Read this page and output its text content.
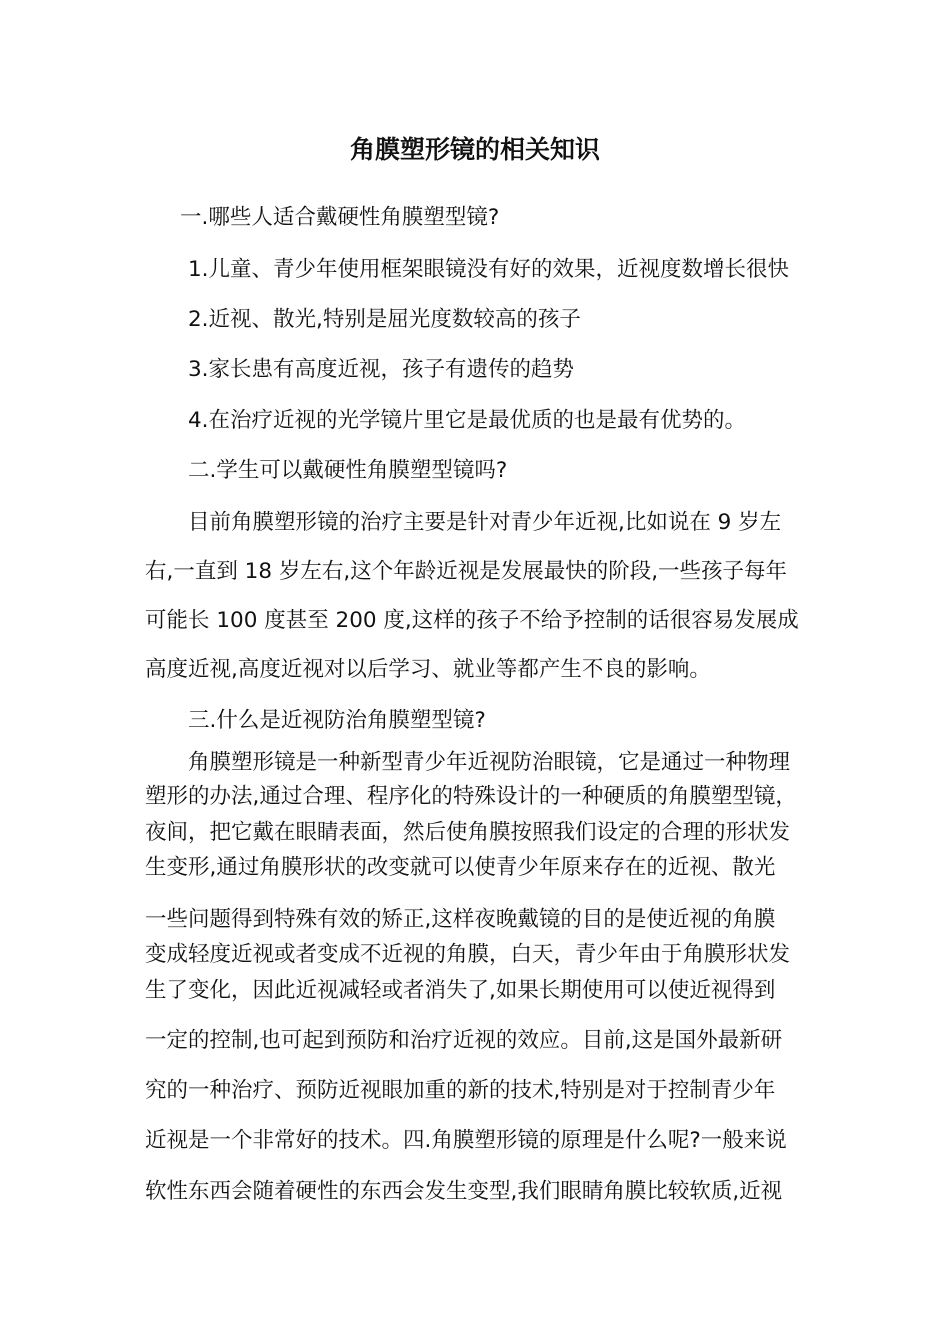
角膜塑形镜的相关知识
一.哪些人适合戴硬性角膜塑型镜?
1.儿童、青少年使用框架眼镜没有好的效果，近视度数增长很快
2.近视、散光,特别是屈光度数较高的孩子
3.家长患有高度近视，孩子有遗传的趋势
4.在治疗近视的光学镜片里它是最优质的也是最有优势的。
二.学生可以戴硬性角膜塑型镜吗?
目前角膜塑形镜的治疗主要是针对青少年近视,比如说在 9 岁左
右,一直到 18 岁左右,这个年龄近视是发展最快的阶段,一些孩子每年
可能长 100 度甚至 200 度,这样的孩子不给予控制的话很容易发展成
高度近视,高度近视对以后学习、就业等都产生不良的影响。
三.什么是近视防治角膜塑型镜?
角膜塑形镜是一种新型青少年近视防治眼镜，它是通过一种物理
塑形的办法,通过合理、程序化的特殊设计的一种硬质的角膜塑型镜，
夜间，把它戴在眼睛表面，然后使角膜按照我们设定的合理的形状发
生变形,通过角膜形状的改变就可以使青少年原来存在的近视、散光
一些问题得到特殊有效的矫正,这样夜晚戴镜的目的是使近视的角膜
变成轻度近视或者变成不近视的角膜，白天，青少年由于角膜形状发
生了变化，因此近视减轻或者消失了,如果长期使用可以使近视得到
一定的控制,也可起到预防和治疗近视的效应。目前,这是国外最新研
究的一种治疗、预防近视眼加重的新的技术,特别是对于控制青少年
近视是一个非常好的技术。四.角膜塑形镜的原理是什么呢?一般来说
软性东西会随着硬性的东西会发生变型,我们眼睛角膜比较软质,近视
